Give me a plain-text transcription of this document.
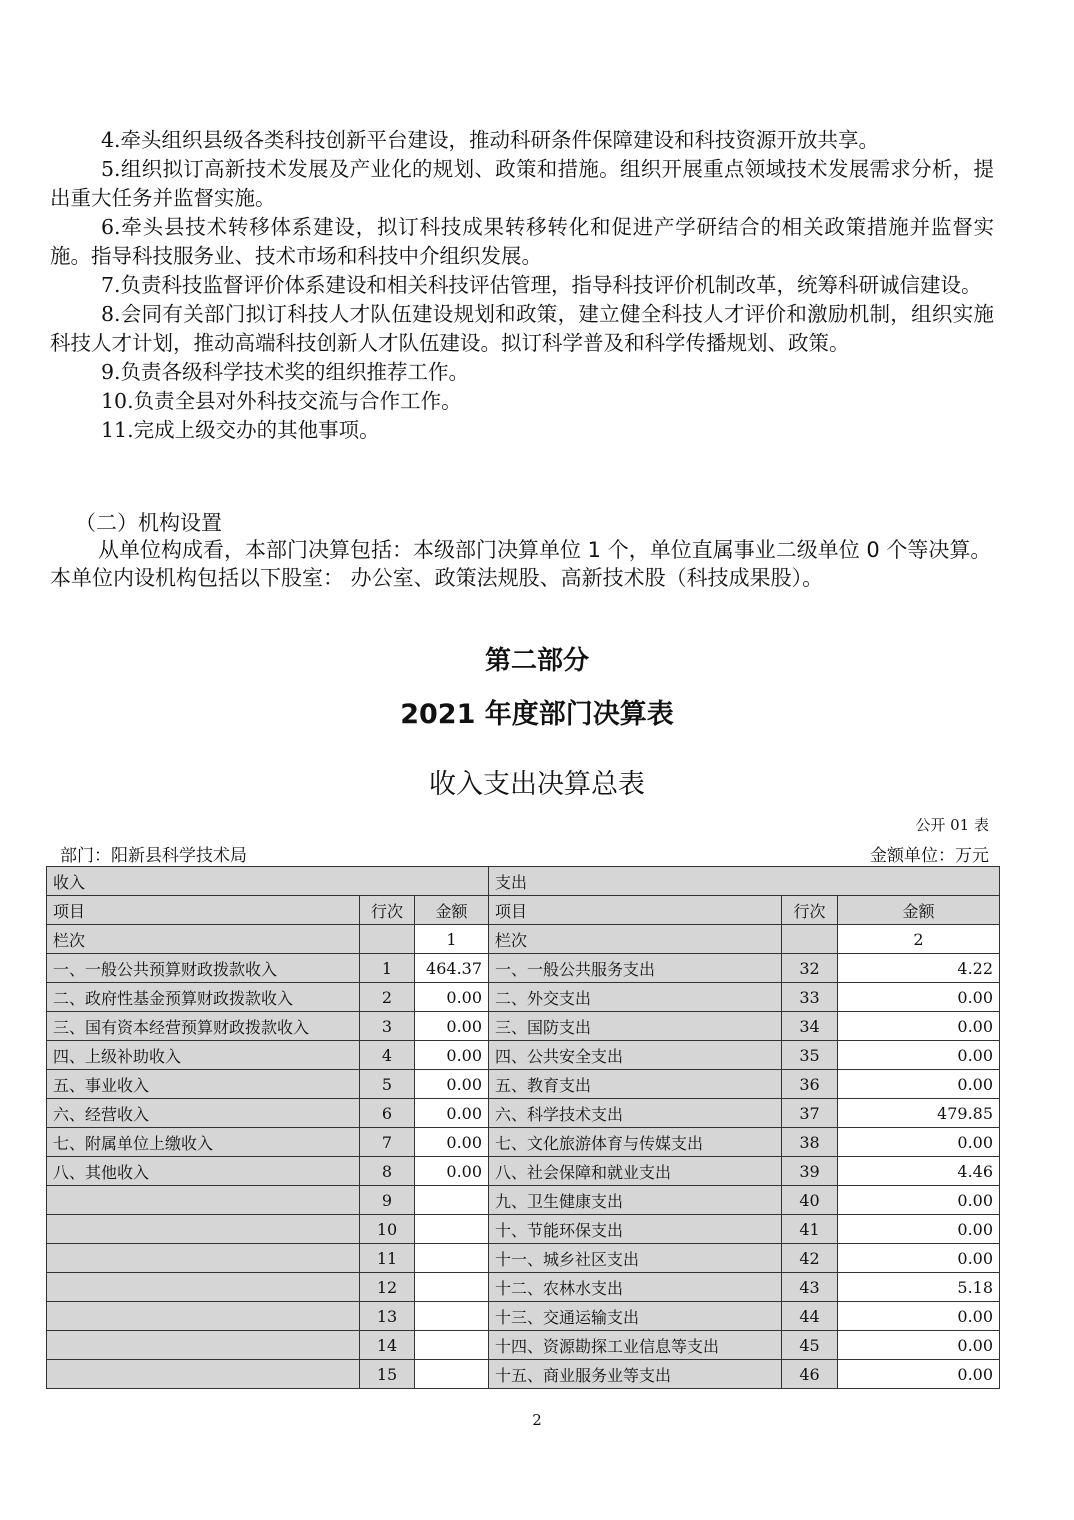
4.牵头组织县级各类科技创新平台建设，推动科研条件保障建设和科技资源开放共享。

5.组织拟订高新技术发展及产业化的规划、政策和措施。组织开展重点领域技术发展需求分析，提出重大任务并监督实施。

6.牵头县技术转移体系建设，拟订科技成果转移转化和促进产学研结合的相关政策措施并监督实施。指导科技服务业、技术市场和科技中介组织发展。

7.负责科技监督评价体系建设和相关科技评估管理，指导科技评价机制改革，统筹科研诚信建设。

8.会同有关部门拟订科技人才队伍建设规划和政策，建立健全科技人才评价和激励机制，组织实施科技人才计划，推动高端科技创新人才队伍建设。拟订科学普及和科学传播规划、政策。

9.负责各级科学技术奖的组织推荐工作。

10.负责全县对外科技交流与合作工作。

11.完成上级交办的其他事项。

（二）机构设置

从单位构成看，本部门决算包括：本级部门决算单位 1 个，单位直属事业二级单位 0 个等决算。本单位内设机构包括以下股室： 办公室、政策法规股、高新技术股（科技成果股）。

第二部分
2021 年度部门决算表
收入支出决算总表
公开 01 表
部门：阳新县科学技术局	金额单位：万元
收入			支出		
项目	行次	金额	项目	行次	金额
栏次		1	栏次		2
一、一般公共预算财政拨款收入	1	464.37	一、一般公共服务支出	32	4.22
二、政府性基金预算财政拨款收入	2	0.00	二、外交支出	33	0.00
三、国有资本经营预算财政拨款收入	3	0.00	三、国防支出	34	0.00
四、上级补助收入	4	0.00	四、公共安全支出	35	0.00
五、事业收入	5	0.00	五、教育支出	36	0.00
六、经营收入	6	0.00	六、科学技术支出	37	479.85
七、附属单位上缴收入	7	0.00	七、文化旅游体育与传媒支出	38	0.00
八、其他收入	8	0.00	八、社会保障和就业支出	39	4.46
	9		九、卫生健康支出	40	0.00
	10		十、节能环保支出	41	0.00
	11		十一、城乡社区支出	42	0.00
	12		十二、农林水支出	43	5.18
	13		十三、交通运输支出	44	0.00
	14		十四、资源勘探工业信息等支出	45	0.00
	15		十五、商业服务业等支出	46	0.00
2
